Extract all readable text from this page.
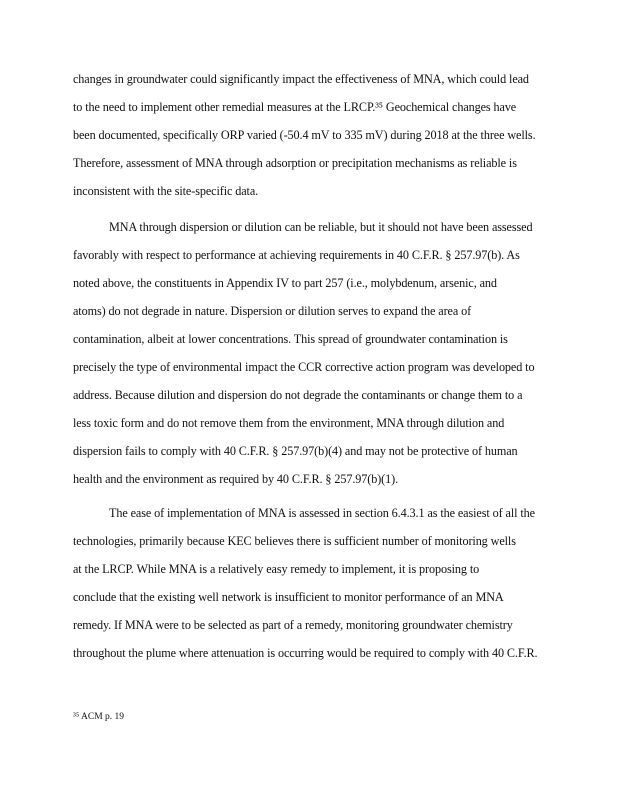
changes in groundwater could significantly impact the effectiveness of MNA, which could lead
to the need to implement other remedial measures at the LRCP.³⁵ Geochemical changes have
been documented, specifically ORP varied (-50.4 mV to 335 mV) during 2018 at the three wells.
Therefore, assessment of MNA through adsorption or precipitation mechanisms as reliable is
inconsistent with the site-specific data.
MNA through dispersion or dilution can be reliable, but it should not have been assessed
favorably with respect to performance at achieving requirements in 40 C.F.R. § 257.97(b). As
noted above, the constituents in Appendix IV to part 257 (i.e., molybdenum, arsenic, and
atoms) do not degrade in nature. Dispersion or dilution serves to expand the area of
contamination, albeit at lower concentrations. This spread of groundwater contamination is
precisely the type of environmental impact the CCR corrective action program was developed to
address. Because dilution and dispersion do not degrade the contaminants or change them to a
less toxic form and do not remove them from the environment, MNA through dilution and
dispersion fails to comply with 40 C.F.R. § 257.97(b)(4) and may not be protective of human
health and the environment as required by 40 C.F.R. § 257.97(b)(1).
The ease of implementation of MNA is assessed in section 6.4.3.1 as the easiest of all the
technologies, primarily because KEC believes there is sufficient number of monitoring wells
at the LRCP. While MNA is a relatively easy remedy to implement, it is proposing to
conclude that the existing well network is insufficient to monitor performance of an MNA
remedy. If MNA were to be selected as part of a remedy, monitoring groundwater chemistry
throughout the plume where attenuation is occurring would be required to comply with 40 C.F.R.
³⁵ ACM p. 19
